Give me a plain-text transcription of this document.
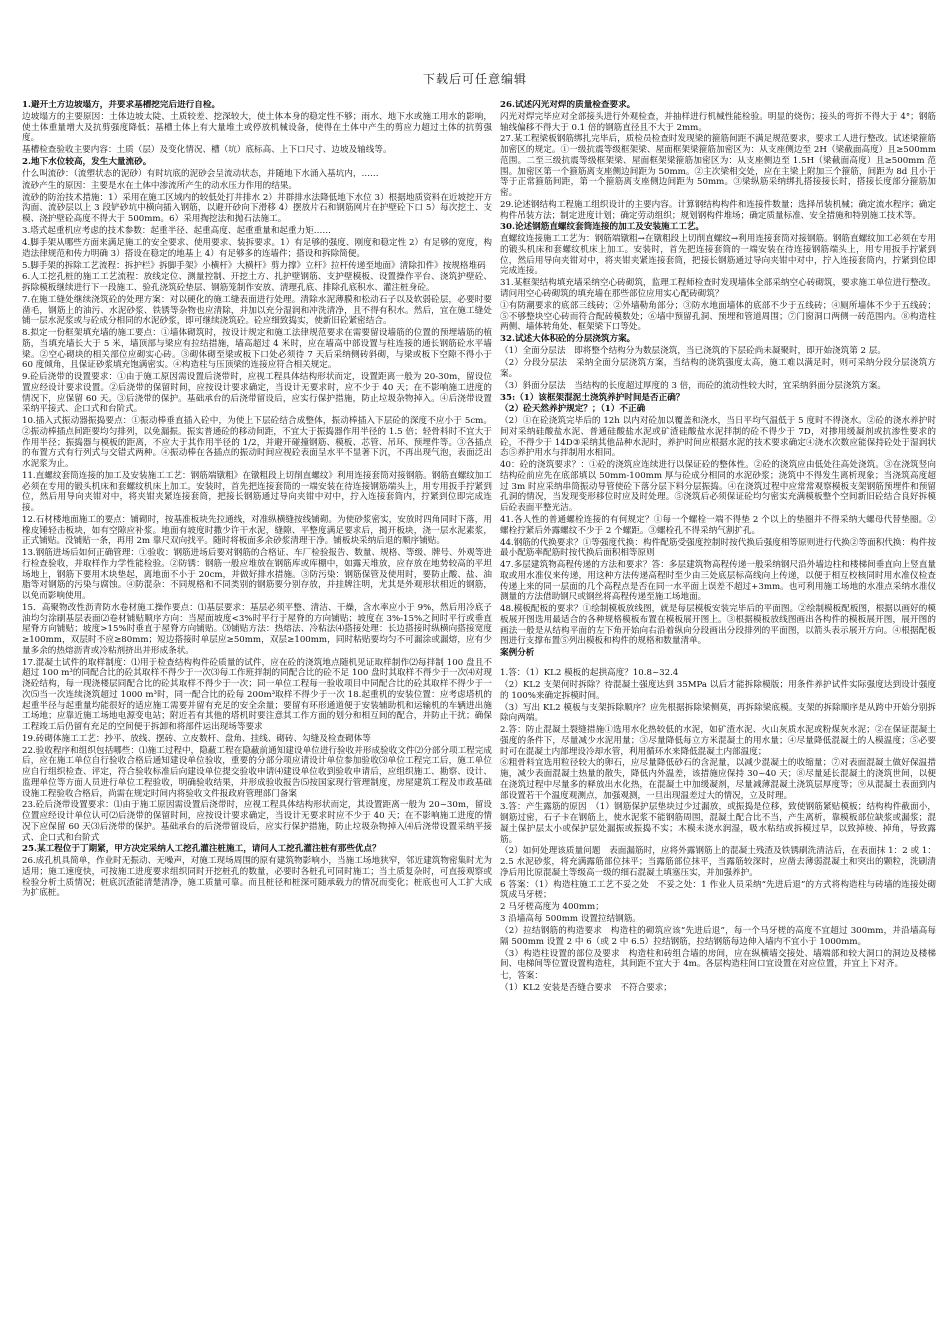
下载后可任意编辑

1.避开土方边坡塌方，并要求基槽挖完后进行自检。

边坡塌方的主要原因：土体边坡太陡、土质较差、挖深较大，使土体本身的稳定性不够；雨水、地下水或施工用水的影响，使土体重量增大及抗剪强度降低；基槽土体上有大量堆土或停放机械设备，使得在土体中产生的剪应力超过土体的抗剪强度。

基槽检查验收主要内容：土质（层）及变化情况、槽（坑）底标高、上下口尺寸、边坡及轴线等。

2.地下水位较高，发生大量流砂。

什么叫流砂：（流塑状态的泥砂）有时坑底的泥砂会呈流动状态，并随地下水涌入基坑内，……

流砂产生的原因：主要是水在土体中渗流所产生的动水压力作用的结果。

流砂的防治技术措施：1）采用在施工区域内的较低处打井排水 2）井群排水法降低地下水位 3）根据地质资料在近坡挖开方沟面、流砂层以上 3 段铲砂坑中横向插入钢筋，以避开砂向下滑移 4）摆放片石和钢筋网片在护壁砼下口 5）每次挖土、支模、浇护壁砼高度不得大于 500mm。6）采用掏挖法和抛石法施工。

3.塔式起重机应考虑的技术参数：起重半径、起重高度、起重重量和起重力矩……

4.脚手架从哪些方面来满足施工的安全要求、使用要求、装拆要求。1）有足够的强度、刚度和稳定性 2）有足够的宽度，构造法律规范和传力明确 3）搭设在稳定的地基上 4）有足够多的连墙件；搭设和拆除简便。

5.脚手架的拆除工艺流程：拆护栏》拆脚手架》小横杆》大横杆》剪力撑》立杆》拉杆传递至地面》清除扣件》按规格堆码

6.人工挖孔桩的施工工艺流程：放线定位、测量控制、开挖土方、扎护壁钢筋、支护壁模板、设置操作平台、浇筑护壁砼、拆除模板继续进行下一段施工、验孔浇筑砼垫层、钢筋笼制作安放、清理孔底、排除孔底积水、灌注桩身砼。

7.在施工缝处继续浇筑砼的处理方案：对以硬化的施工缝表面进行处理。清除水泥薄膜和松动石子以及软弱砼层，必要时要凿毛，钢筋上的油污、水泥砂浆、铁锈等杂物也应清除，并加以充分湿润和冲洗清净，且不得有积水。然后，宜在施工缝处铺一层水泥浆或与砼成分相同的水泥砂浆，即可继续浇筑砼。砼应细致捣实，使新旧砼紧密结合。

8.拟定一份框架填充墙的施工要点：①墙体砌筑时，按设计规定和施工法律规范要求在需要留设墙筋的位置的预埋墙筋的植筋，当填充墙长大于 5 米，墙顶部与梁应有拉结措施，墙高超过 4 米时，应在墙高中部设置与柱连接的通长钢筋砼水平墙梁。②空心砌块的相关部位应砌实心砖。③砌体砌至梁或板下口处必须待 7 天后采纳侧砖斜砌，与梁或板下空隙不得小于 60 度倾角，且保证砂浆填充饱满密实。④构造柱与压顶梁的连接应符合相关规定。

9.砼后浇带的设置要求：①由于施工原因需设置后浇带时，应视工程具体结构形状而定，设置距离一般为 20-30m，留设位置应经设计要求设置。②后浇带的保留时间，应按设计要求确定，当设计无要求时，应不少于 40 天；在不影响施工进度的情况下，应保留 60 天。③后浇带的保护。基础承台的后浇带留设后，应实行保护措施，防止垃圾杂物掉入。④后浇带设置采纳平接式、企口式和台阶式。

10.插入式振动器振捣要点：①振动棒垂直插入砼中，为使上下层砼结合成整体，振动棒插入下层砼的深度不应小于 5cm。②振动棒插点间距要均匀排列，以免漏振。振实普通砼的移动间距，不宜大于振捣器作用半径的 1.5 倍；轻骨料时不宜大于作用半径；振捣器与模板的距离，不应大于其作用半径的 1/2，并避开碰撞钢筋、模板、芯管、吊环、预埋件等。③各插点的布置方式有行列式与交错式两种。④振动棒在各插点的振动时间应视砼表面呈水平不显著下沉，不再出现气泡，表面泛出水泥浆为止。

11.直螺纹套筒连接的加工及安装施工工艺：钢筋端镦粗》在镦粗段上切削直螺纹》利用连接套筒对接钢筋。钢筋直螺纹加工必须在专用的锻头机床和套螺纹机床上加工。安装时，首先把连接套筒的一端安装在待连接钢筋端头上，用专用扳手拧紧到位，然后用导向夹钳对中，将夹钳夹紧连接套筒，把接长钢筋通过导向夹钳中对中，拧入连接套筒内，拧紧到位即完成连接。

12.石材楼地面施工的要点：铺砌时，按基准板块先拉通线，对准纵横缝按线铺砌。为使砂浆密实，安放时四角同时下落，用橡皮锤轻击板块，如有空隙应补浆。地面有坡度时撒少许干水泥，缝隙、平整度满足要求后，揭开板块，浇一层水泥素浆，正式铺贴。没铺贴一条，再用 2m 靠尺双向找平。随时将板面多余砂浆清理干净。铺板块采纳后退的顺序铺贴。

13.钢筋进场后如何正确管理：①验收：钢筋进场后要对钢筋的合格证、车厂检验报告、数量、规格、等级、牌号、外观等进行检查验收，并取样作力学性能检验。②防锈：钢筋一般应堆放在钢筋库或库棚中，如露天堆放，应存放在地势较高的平坦场地上，钢筋下要用木块垫起，离地面不小于 20cm，并做好排水措施。③防污染：钢筋保管及使用时，要防止酸、盐、油脂等对钢筋的污染与腐蚀。④防混杂：不同规格和不同类别的钢筋要分别存放，并挂牌注明，尤其是外观形状相近的钢筋，以免而影响使用。

15．高聚物改性沥青防水卷材施工操作要点：⑴基层要求：基层必须平整、清洁、干燥，含水率应小于 9%，然后用冷底子油均匀涂刷基层表面⑵卷材铺贴顺序方向：当屋面坡度<3%时平行于屋脊的方向铺贴；坡度在 3%-15%之间时平行或垂直屋脊方向铺贴；坡度>15%时垂直于屋脊方向铺贴。⑶铺贴方法：热熔法、冷粘法⑷搭接处理：长边搭接时纵横向搭接宽度≥100mm，双层时不应≥80mm；短边搭接时单层应≥50mm，双层≥100mm，同时粘贴要均匀不可漏涂或漏熔，应有少量多余的热熔沥青或冷粘剂挤出并形成条状。

17.混凝土试件的取样制度：⑴用于检查结构构件砼质量的试件，应在砼的浇筑地点随机见证取样制作⑵每拌制 100 盘且不超过 100 m³的同配合比的砼其取样不得少于一次⑶每工作班拌制的同配合比的砼不足 100 盘时其取样不得少于一次⑷对现浇砼结构，每一现浇楼层同配合比的砼其取样不得少于一次；同一单位工程每一验收项目中同配合比的砼其取样不得少于一次⑸当一次连续浇筑超过 1000 m³时，同一配合比的砼每 200m³取样不得少于一次 18.起重机的安装位置：应考虑塔机的起重半径与起重量均能很好的适应施工需要并留有充足的安全余量；要留有环形通道便于安装辅助机和运输机的车辆进出施工场地；应靠近施工场地电源变电站；附近若有其他的塔机时要注意其工作方面的划分和相互间的配合，并防止干扰；确保工程竣工后仍留有充足的空间便于拆卸和将部件运出现场等要求

19.砖砌体施工工艺：抄平、放线、摆砖、立皮数杆、盘角、挂线、砌砖、勾缝及检查砌体等

22.验收程序和组织包括哪些：⑴施工过程中，隐蔽工程在隐蔽前通知建设单位进行验收并形成验收文件⑵分部分项工程完成后，应在施工单位自行验收合格后通知建设单位验收，重要的分部分项应请设计单位参加验收⑶单位工程完工后，施工单位应自行组织检查、评定，符合验收标准后向建设单位提交验收申请⑷建设单位收到验收申请后，应组织施工、勘察、设计、监理单位等方面人员进行单位工程验收，明确验收结果，并形成验收报告⑸按国家现行管理制度，房屋建筑工程及市政基础设施工程验收合格后，尚需在规定时间内将验收文件报政府管理部门备案

23.砼后浇带设置要求：⑴由于施工原因需设置后浇带时，应视工程具体结构形状而定，其设置距离一般为 20~30m，留设位置应经设计单位认可⑵后浇带的保留时间，应按设计要求确定，当设计无要求时应不少于 40 天；在不影响施工进度的情况下应保留 60 天⑶后浇带的保护。基础承台的后浇带留设后，应实行保护措施，防止垃圾杂物掉入⑷后浇带设置采纳平接式、企口式和台阶式

25.某工程位于丁期紧，甲方决定采纳人工挖孔灌注桩施工，请问人工挖孔灌注桩有那些优点？

26.成孔机具简单，作业时无振动、无噪声，对施工现场周围的原有建筑物影响小，当施工场地狭窄，邻近建筑物密集时尤为适用；施工速度快，可按施工进度要求组织同时开挖桩孔的数量，必要时各桩孔可同时施工；当土质复杂时，可直接观察或检验分析土质情况；桩底沉渣能清楚清净，施工质量可靠。而且桩径和桩深可随承载力的情况而变化；桩底也可人工扩大成为扩底桩。

26.试述闪光对焊的质量检查要求。

闪光对焊完毕应对全部接头进行外观检查，并抽样进行机械性能检验。明显的烧伤；接头的弯折不得大于 4°；钢筋轴线偏移不得大于 0.1 倍的钢筋直径且不大于 2mm。

27.某工程梁板钢筋绑扎完毕后，质检员检查时发现梁的箍筋间距不满足规范要求，要求工人进行整改。试述梁箍筋加密区的规定。①一级抗震等级框架梁、屋面框架梁箍筋加密区为：从支座侧边至 2H（梁截面高度）且≥500mm 范围。二至三级抗震等级框架梁、屋面框架梁箍筋加密区为：从支座侧边至 1.5H（梁截面高度）且≥500mm 范围。加密区第一个箍筋离支座侧边间距为 50mm。②主次梁相交处，应在主梁上附加三个箍筋，间距为 8d 且小于等于正常箍筋间距，第一个箍筋离支座侧边间距为 50mm。③梁纵筋采纳绑扎搭接接长时，搭接长度部分箍筋加密。

29.论述钢结构工程施工组织设计的主要内容。计算钢结构构件和连接件数量；选择吊装机械；确定流水程序；确定构件吊装方法；制定进度计划；确定劳动组织；规划钢构件堆场；确定质量标准、安全措施和特别施工技术等。

30.论述钢筋直螺纹套筒连接的加工及安装施工工艺。

直螺纹连接施工工艺为：钢筋端镦粗→在镦粗段上切削直螺纹→利用连接套筒对接钢筋。钢筋直螺纹加工必须在专用的锻头机床和套螺纹机床上加工。安装时，首先把连接套筒的一端安装在待连接钢筋端头上，用专用扳手拧紧到位，然后用导向夹钳对中，将夹钳夹紧连接套筒，把接长钢筋通过导向夹钳中对中，拧入连接套筒内，拧紧到位即完成连接。

31.某框架结构填充墙采纳空心砖砌筑，监理工程师检查时发现墙体全部采纳空心砖砌筑，要求施工单位进行整改。请问用空心砖砌筑的填充墙在那些部位应用实心配砖砌筑？

①有防潮要求的底部三线砖；②外墙勒角部分；③防水地面墙体的底部不少于五线砖；④厕所墙体不少于五线砖；⑤不够整块空心砖而符合配砖模数处；⑥墙中预留孔洞、预埋和管道周围；⑦门窗洞口两侧一砖范围内。⑧构造柱两侧、墙体转角处、框架梁下口等处。

32.试述大体积砼的分层浇筑方案。

（1）全面分层法　即将整个结构分为数层浇筑，当已浇筑的下层砼尚未凝聚时，即开始浇筑第 2 层。

（2）分段分层法　采纳全面分层浇筑方案，当结构的浇筑强度太高，施工难以满足时，则可采纳分段分层浇筑方案。

（3）斜面分层法　当结构的长度超过厚度的 3 倍，而砼的流动性较大时，宜采纳斜面分层浇筑方案。

35:（1）该框架混泥土浇筑养护时间是否正确？

（2）砼天然养护规定？；（1）不正确

（2）①在砼浇筑完毕后的 12h 以内对砼加以覆盖和浇水，当日平均气温低于 5 度时不得浇水。②砼的浇水养护时间对采纳硅酸盐水泥、普通硅酸盐水泥或矿渣硅酸盐水泥拌制的砼不得少于 7D，对掺用缓凝剂或抗渗性要求的砼，不得少于 14D③采纳其他品种水泥时，养护时间应根据水泥的技术要求确定④浇水次数应能保持砼处于湿润状态⑤养护用水与拌制用水相同。

40：砼的浇筑要求？：①砼的浇筑应连续进行以保证砼的整体性。②砼的浇筑应由低处往高处浇筑。③在浇筑竖向结构砼前应先在底部填以 50mm-100mm 厚与砼成分相同的水泥砂浆；浇筑中不得发生离析现象；当浇筑高度超过 3m 时应采纳串筒振动导管使砼下落分层下料分层振捣。④在浇筑过程中应常常观察模板支架钢筋预埋件和预留孔洞的情况，当发现变形移位时应及时处理。⑤浇筑后必须保证砼均匀密实充满模板整个空间新旧砼结合良好拆模后砼表面平整光洁。

41.各人性的普通螺栓连接的有何规定？①每一个螺栓一端不得垫 2 个以上的垫圈并不得采纳大螺母代替垫圈。②螺栓拧紧后外露螺纹不少于 2 个螺距。③螺栓孔不得采纳气割扩孔。

44.钢筋的代换要求？①等强度代换：构件配筋受强度控制时按代换后强度相等原则进行代换②等面积代换：构件按最小配筋率配筋时按代换后面积相等原则

47.多层建筑物高程传递的方法和要求？答：多层建筑物高程传递一般采纳钢尺沿外墙边柱和楼梯间垂直向上竖直量取或用水准仪来传递，用这种方法传递高程时至少由三处底层标高线向上传递，以便于相互校核同时用水准仪检查传递上来的同一层面的几个高程点是否在同一水平面上误差不超过+3mm。也可利用施工场地的水准点采纳水准仪测量的方法借助钢尺或钢丝将高程传递至施工场地面。

48.模板配板的要求？①绘制模板放线图，就是每层模板安装完毕后的平面图。②绘制模板配板图，根据以画好的模板展开图选用最适合的各种规格模板布置在模板展开图上。③根据模板放线图画出各构件的模板展开图，展开图的画法一般是从结构平面的左下角开始向右沿着纵向分段画出分段排列的平面图，以箭头表示展开方向。④根据配板图进行支撑布置⑤列出模板和构件的规格和数量清单。

案例分析

1.答：（1）KL2 模板的起拱高度？10.8~32.4

（2）KL2 支架何时拆除？待混凝土强度达到 35MPa 以后才能拆除模版；用条件养护试件实际强度达到设计强度的 100%来确定拆模时间。

（3）写出 KL2 模板与支架拆除顺序？应先根据拆除梁侧莫，再拆除梁底模。支架的拆除顺序是从跨中开始分别拆除向两端。

2.答：防止混凝土裂缝措施①选用水化热较低的水泥，如矿渣水泥、火山灰质水泥或粉煤灰水泥；②在保证混凝土强度的条件下，尽量减少水泥用量；③尽量降低每立方米混凝土的用水量；④尽量降低混凝土的人模温度；⑤必要时可在混凝土内部埋设冷却水管，利用循环水来降低混凝土内部温度；

⑥粗骨料宜选用粒径较大的卵石，应尽量降低砂石的含泥量，以减少混凝土的收缩量；⑦对表面混凝土做好保温措施，减少表面混凝土热量的散失，降低内外温差，该措施应保持 30~40 天；⑧尽量延长混凝土的浇筑世间，以便在浇筑过程中尽量多的释放出水化热，在混凝土中加缓凝剂，尽量减薄混凝土浇筑层厚度等；⑨从混凝土表面到内部设置若干个温度观测点，加强观测，一旦出现温差过大的情况，立及时理。

3.答：产生露筋的原因　（1）钢筋保护层垫块过少过漏放，或振捣是位移，致使钢筋紧贴模板；结构构件截面小，钢筋过密，石子卡在钢筋上，使水泥浆不能钢筋周围，混凝土配合比不当，产生离析，靠模板部位缺浆或漏浆；混凝土保护层太小或保护层处漏振或振捣不实；木模未浇水润湿，吸水粘结或拆模过早，以致掉棱、掉角，导致露筋。

（2）如何处理该质量问题　表面漏筋时，应将外露钢筋上的混凝土残渣及铁锈刷洗清洁后，在表面抹 1：2 或 1：2.5 水泥砂浆，将充满露筋部位抹平；当露筋部位抹平，当露筋较深时，应凿去薄弱混凝土和突出的颗粒，洗刷清净后用比原混凝土等级高一级的细石混凝土填塞压实，并加强养护。

6 答案：（1）构造柱施工工艺不妥之处　不妥之处：1 作业人员采纳“先进后退”的方式将构造柱与砖墙的连接处砌筑成马牙槎；

2 马牙槎高度为 400mm；

3 沿墙高每 500mm 设置拉结钢筋。

（2）拉结钢筋的构造要求　构造柱的砌筑应该“先进后退”，每一个马牙槎的高度不宜超过 300mm，并沿墙高每隔 500mm 设置 2 中 6（或 2 中 6.5）拉结钢筋，拉结钢筋每边伸入墙内不宜小于 1000mm。

（3）构造柱设置的部位及要求　构造柱和砖组合墙的房间，应在纵横墙交接处、墙端部和较大洞口的洞边及楼梯间、电梯间等位置设置构造柱，其间距不宜大于 4m。各层构造柱间口宜设置在对应位置，并宜上下对齐。

七，答案：

（1）KL2 安装是否缝合要求　不符合要求；
